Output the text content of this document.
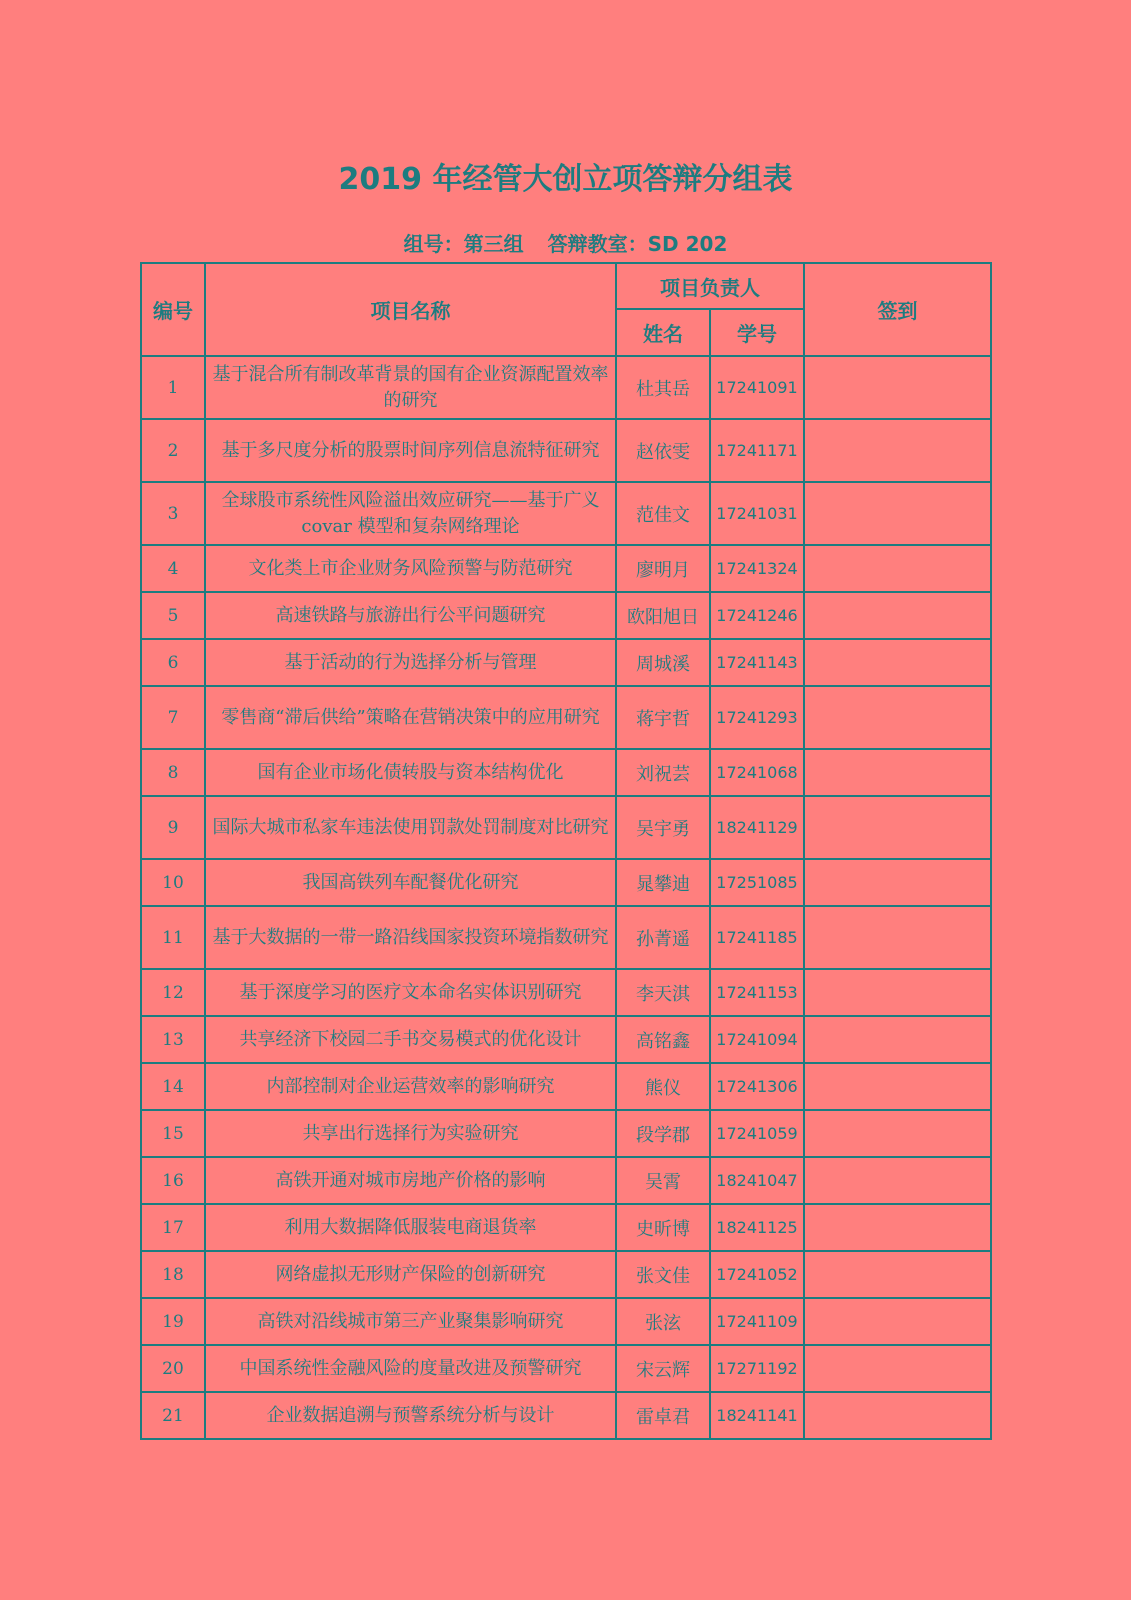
2019 年经管大创立项答辩分组表
组号：第三组 答辩教室：SD 202
编号	项目名称	项目负责人		签到
		姓名	学号	
1	基于混合所有制改革背景的国有企业资源配置效率的研究	杜其岳	17241091	
2	基于多尺度分析的股票时间序列信息流特征研究	赵依雯	17241171	
3	全球股市系统性风险溢出效应研究——基于广义 covar 模型和复杂网络理论	范佳文	17241031	
4	文化类上市企业财务风险预警与防范研究	廖明月	17241324	
5	高速铁路与旅游出行公平问题研究	欧阳旭日	17241246	
6	基于活动的行为选择分析与管理	周城溪	17241143	
7	零售商“滞后供给”策略在营销决策中的应用研究	蒋宇哲	17241293	
8	国有企业市场化债转股与资本结构优化	刘祝芸	17241068	
9	国际大城市私家车违法使用罚款处罚制度对比研究	吴宇勇	18241129	
10	我国高铁列车配餐优化研究	晁攀迪	17251085	
11	基于大数据的一带一路沿线国家投资环境指数研究	孙菁遥	17241185	
12	基于深度学习的医疗文本命名实体识别研究	李天淇	17241153	
13	共享经济下校园二手书交易模式的优化设计	高铭鑫	17241094	
14	内部控制对企业运营效率的影响研究	熊仪	17241306	
15	共享出行选择行为实验研究	段学郡	17241059	
16	高铁开通对城市房地产价格的影响	吴霄	18241047	
17	利用大数据降低服装电商退货率	史昕博	18241125	
18	网络虚拟无形财产保险的创新研究	张文佳	17241052	
19	高铁对沿线城市第三产业聚集影响研究	张泫	17241109	
20	中国系统性金融风险的度量改进及预警研究	宋云辉	17271192	
21	企业数据追溯与预警系统分析与设计	雷卓君	18241141	
